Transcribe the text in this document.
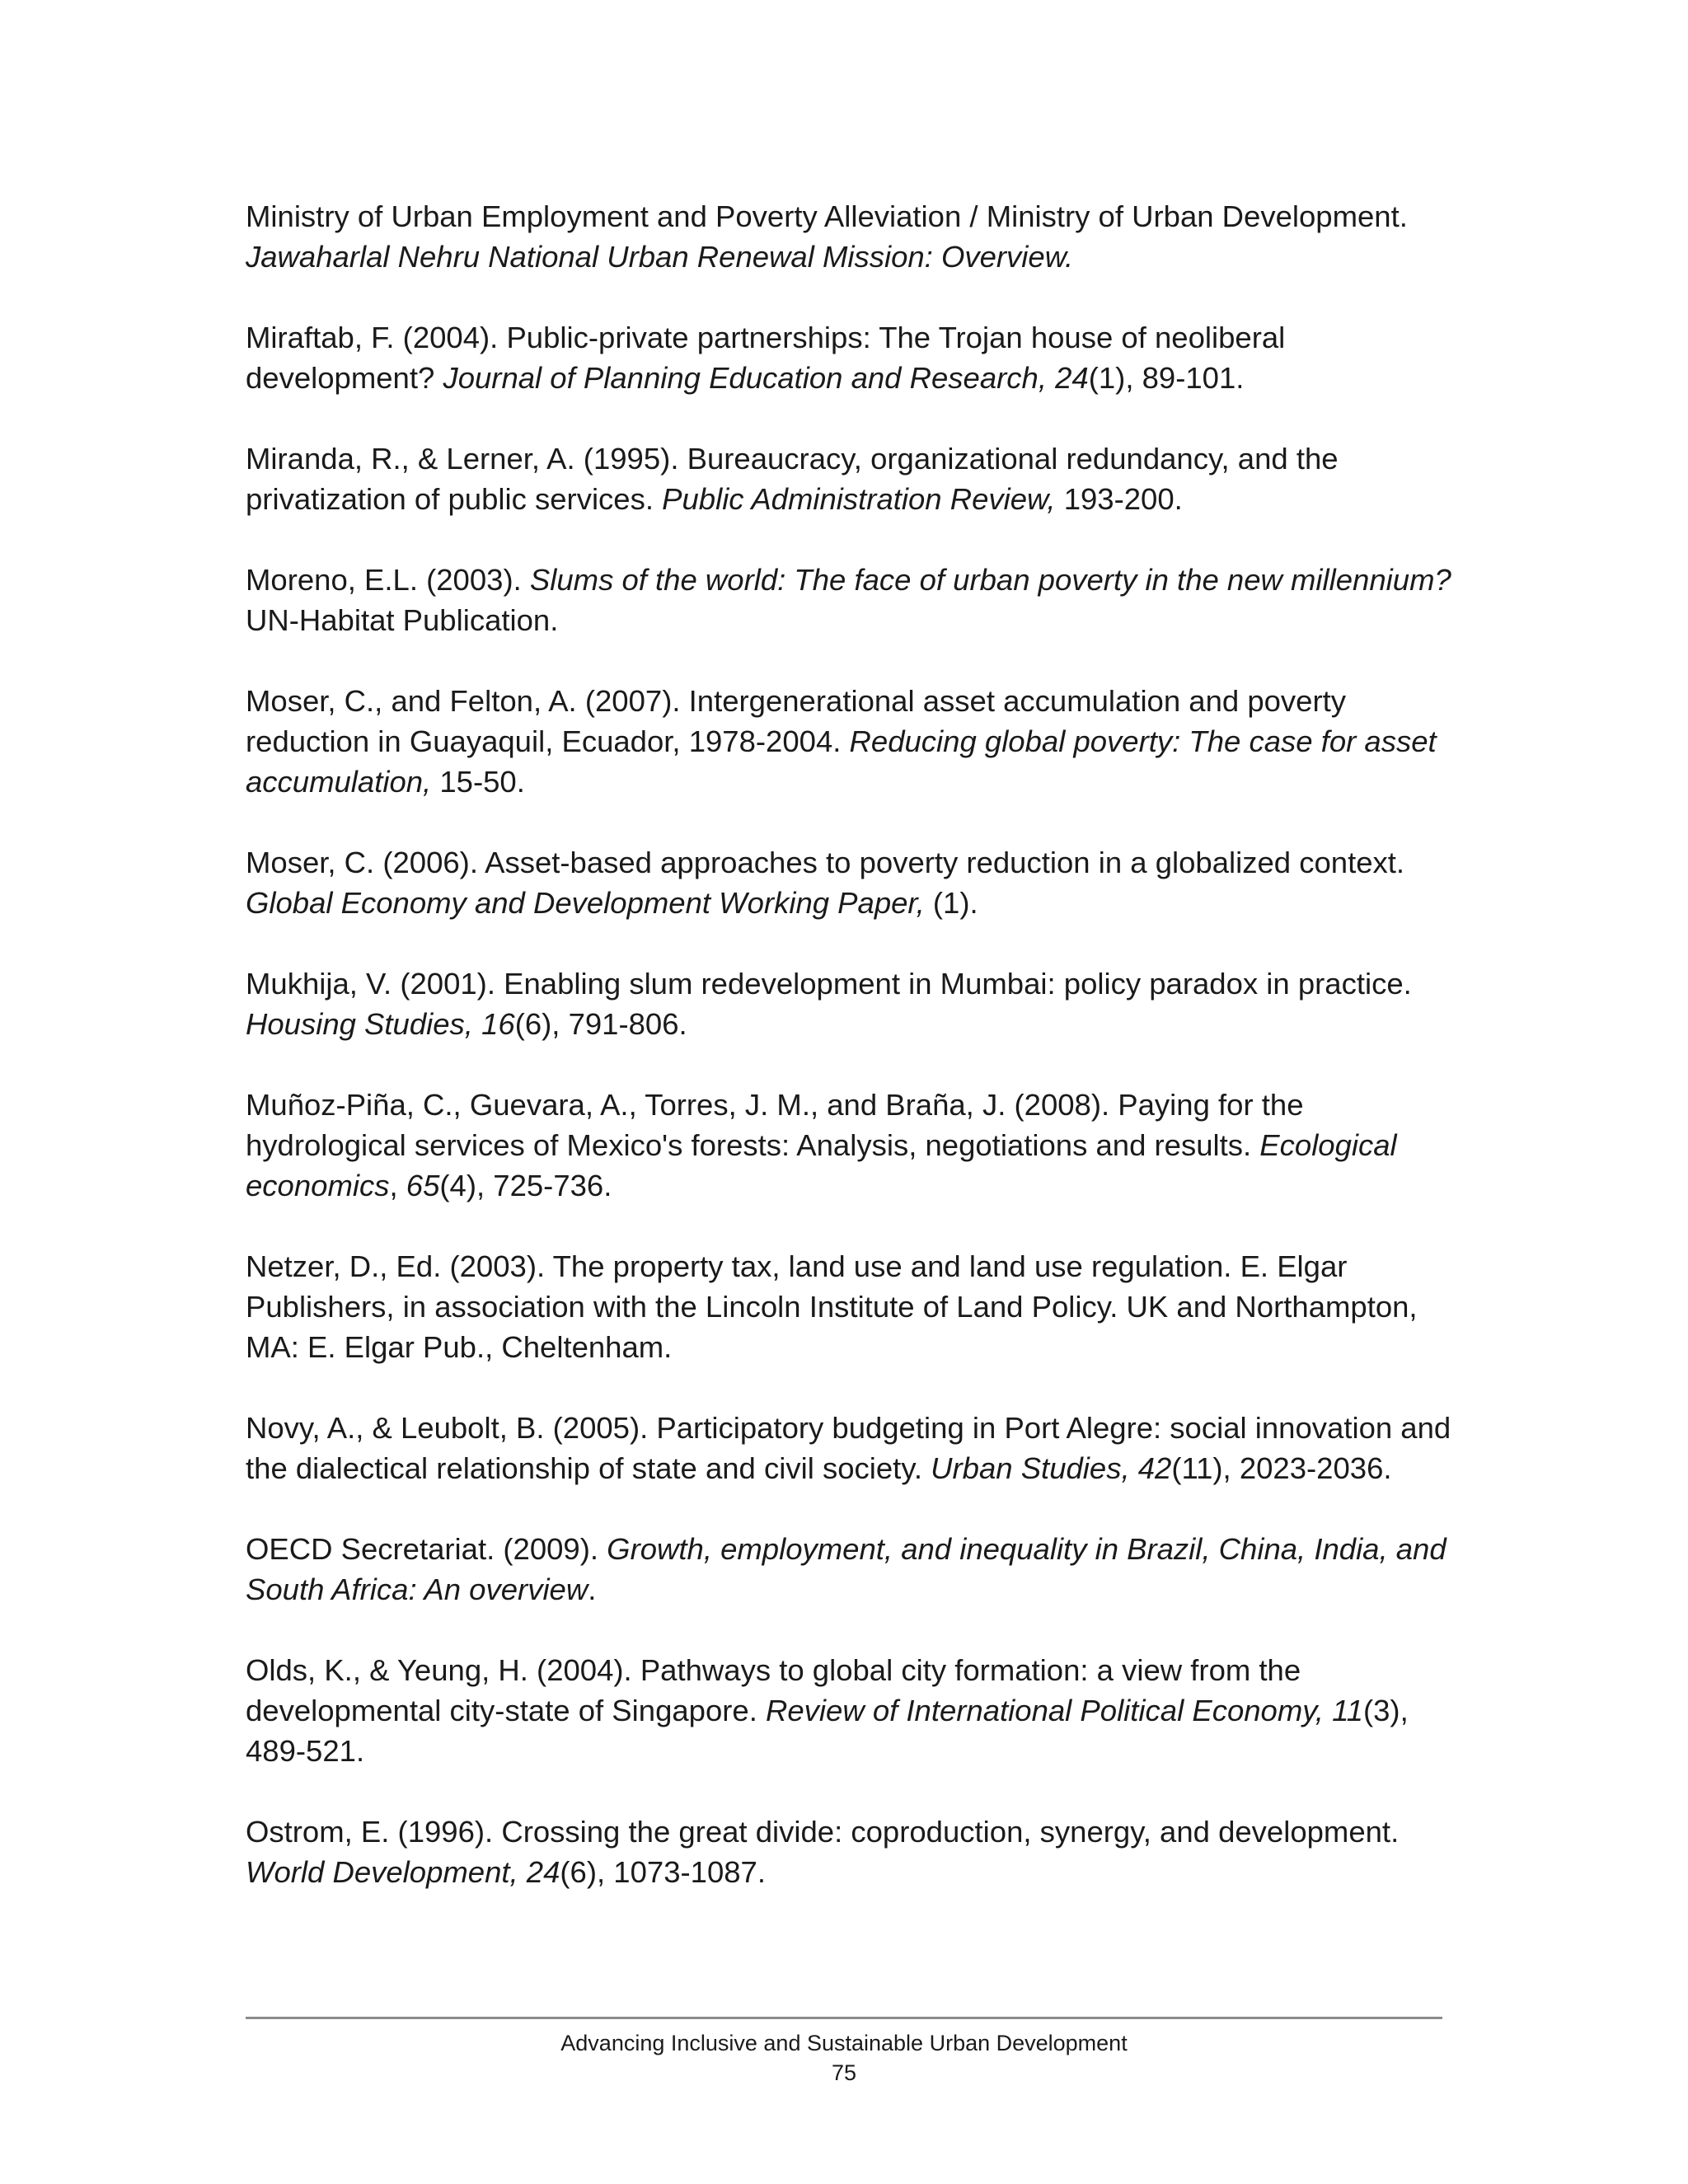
Ministry of Urban Employment and Poverty Alleviation / Ministry of Urban Development. Jawaharlal Nehru National Urban Renewal Mission: Overview.

Miraftab, F. (2004). Public-private partnerships: The Trojan house of neoliberal development? Journal of Planning Education and Research, 24(1), 89-101.

Miranda, R., & Lerner, A. (1995). Bureaucracy, organizational redundancy, and the privatization of public services. Public Administration Review, 193-200.

Moreno, E.L. (2003). Slums of the world: The face of urban poverty in the new millennium? UN-Habitat Publication.

Moser, C., and Felton, A. (2007). Intergenerational asset accumulation and poverty reduction in Guayaquil, Ecuador, 1978-2004. Reducing global poverty: The case for asset accumulation, 15-50.

Moser, C. (2006). Asset-based approaches to poverty reduction in a globalized context. Global Economy and Development Working Paper, (1).

Mukhija, V. (2001). Enabling slum redevelopment in Mumbai: policy paradox in practice. Housing Studies, 16(6), 791-806.

Muñoz-Piña, C., Guevara, A., Torres, J. M., and Braña, J. (2008). Paying for the hydrological services of Mexico's forests: Analysis, negotiations and results. Ecological economics, 65(4), 725-736.

Netzer, D., Ed. (2003). The property tax, land use and land use regulation. E. Elgar Publishers, in association with the Lincoln Institute of Land Policy. UK and Northampton, MA: E. Elgar Pub., Cheltenham.

Novy, A., & Leubolt, B. (2005). Participatory budgeting in Port Alegre: social innovation and the dialectical relationship of state and civil society. Urban Studies, 42(11), 2023-2036.

OECD Secretariat. (2009). Growth, employment, and inequality in Brazil, China, India, and South Africa: An overview.

Olds, K., & Yeung, H. (2004). Pathways to global city formation: a view from the developmental city-state of Singapore. Review of International Political Economy, 11(3), 489-521.

Ostrom, E. (1996). Crossing the great divide: coproduction, synergy, and development. World Development, 24(6), 1073-1087.

Advancing Inclusive and Sustainable Urban Development
75
